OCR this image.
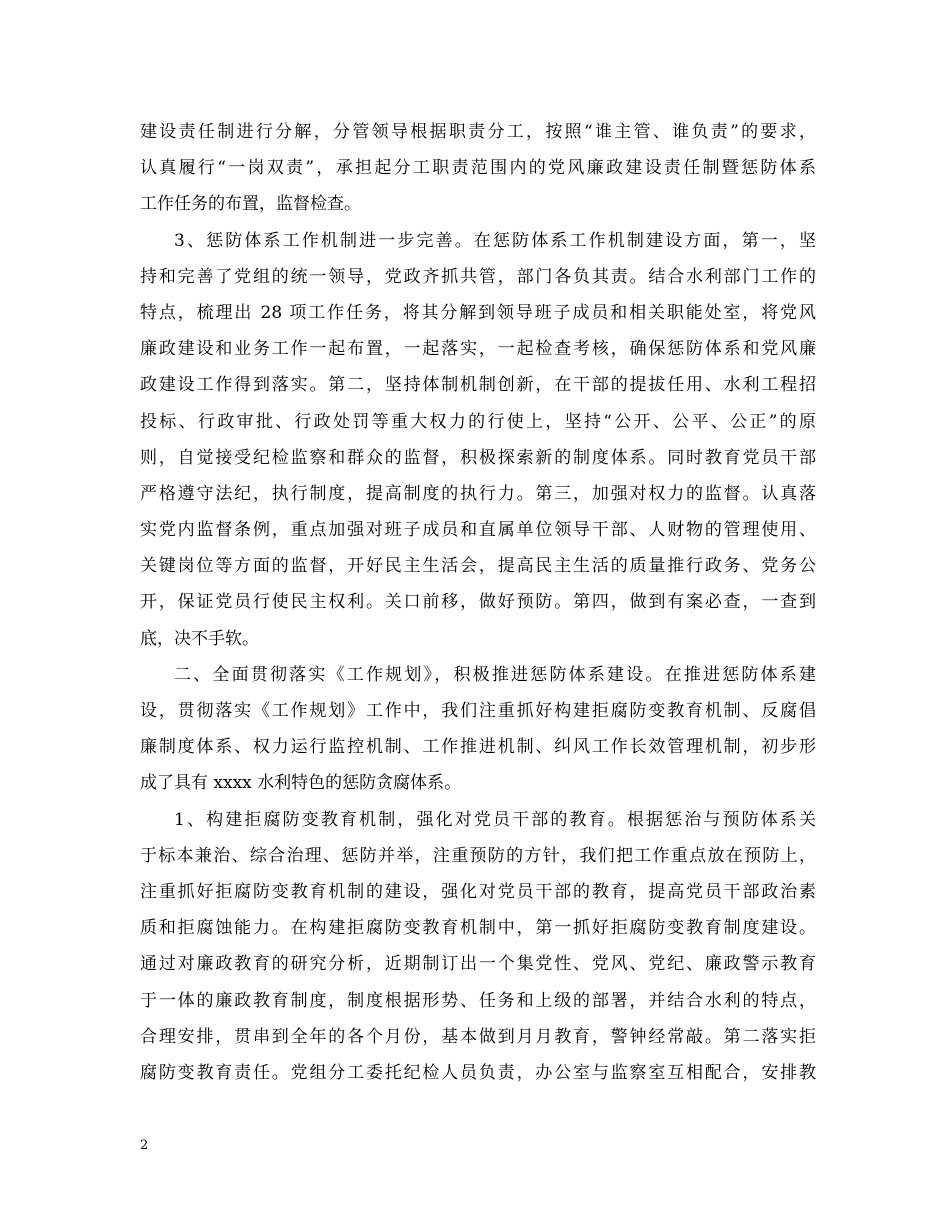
建设责任制进行分解，分管领导根据职责分工，按照“谁主管、谁负责”的要求，
认真履行“一岗双责”，承担起分工职责范围内的党风廉政建设责任制暨惩防体系
工作任务的布置，监督检查。
3、惩防体系工作机制进一步完善。在惩防体系工作机制建设方面，第一，坚
持和完善了党组的统一领导，党政齐抓共管，部门各负其责。结合水利部门工作的
特点，梳理出 28 项工作任务，将其分解到领导班子成员和相关职能处室，将党风
廉政建设和业务工作一起布置，一起落实，一起检查考核，确保惩防体系和党风廉
政建设工作得到落实。第二，坚持体制机制创新，在干部的提拔任用、水利工程招
投标、行政审批、行政处罚等重大权力的行使上，坚持“公开、公平、公正”的原
则，自觉接受纪检监察和群众的监督，积极探索新的制度体系。同时教育党员干部
严格遵守法纪，执行制度，提高制度的执行力。第三，加强对权力的监督。认真落
实党内监督条例，重点加强对班子成员和直属单位领导干部、人财物的管理使用、
关键岗位等方面的监督，开好民主生活会，提高民主生活的质量推行政务、党务公
开，保证党员行使民主权利。关口前移，做好预防。第四，做到有案必查，一查到
底，决不手软。
二、全面贯彻落实《工作规划》，积极推进惩防体系建设。在推进惩防体系建
设，贯彻落实《工作规划》工作中，我们注重抓好构建拒腐防变教育机制、反腐倡
廉制度体系、权力运行监控机制、工作推进机制、纠风工作长效管理机制，初步形
成了具有 xxxx 水利特色的惩防贪腐体系。
1、构建拒腐防变教育机制，强化对党员干部的教育。根据惩治与预防体系关
于标本兼治、综合治理、惩防并举，注重预防的方针，我们把工作重点放在预防上，
注重抓好拒腐防变教育机制的建设，强化对党员干部的教育，提高党员干部政治素
质和拒腐蚀能力。在构建拒腐防变教育机制中，第一抓好拒腐防变教育制度建设。
通过对廉政教育的研究分析，近期制订出一个集党性、党风、党纪、廉政警示教育
于一体的廉政教育制度，制度根据形势、任务和上级的部署，并结合水利的特点，
合理安排，贯串到全年的各个月份，基本做到月月教育，警钟经常敲。第二落实拒
腐防变教育责任。党组分工委托纪检人员负责，办公室与监察室互相配合，安排教
2
